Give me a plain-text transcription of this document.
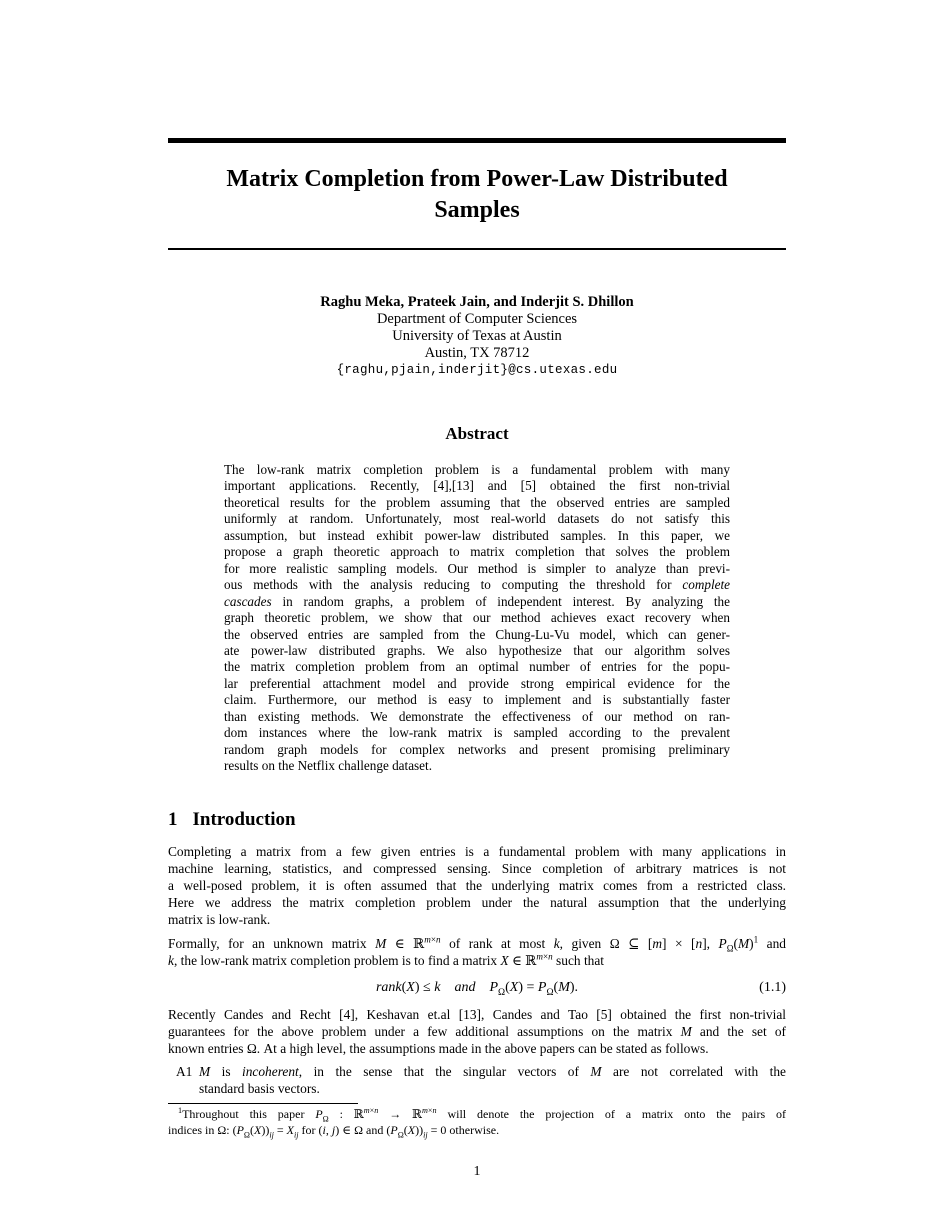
Matrix Completion from Power-Law Distributed
Samples
Raghu Meka, Prateek Jain, and Inderjit S. Dhillon
Department of Computer Sciences
University of Texas at Austin
Austin, TX 78712
{raghu,pjain,inderjit}@cs.utexas.edu
Abstract
The low-rank matrix completion problem is a fundamental problem with many
important applications. Recently, [4],[13] and [5] obtained the first non-trivial
theoretical results for the problem assuming that the observed entries are sampled
uniformly at random. Unfortunately, most real-world datasets do not satisfy this
assumption, but instead exhibit power-law distributed samples. In this paper, we
propose a graph theoretic approach to matrix completion that solves the problem
for more realistic sampling models. Our method is simpler to analyze than previ-
ous methods with the analysis reducing to computing the threshold for complete
cascades in random graphs, a problem of independent interest. By analyzing the
graph theoretic problem, we show that our method achieves exact recovery when
the observed entries are sampled from the Chung-Lu-Vu model, which can gener-
ate power-law distributed graphs. We also hypothesize that our algorithm solves
the matrix completion problem from an optimal number of entries for the popu-
lar preferential attachment model and provide strong empirical evidence for the
claim. Furthermore, our method is easy to implement and is substantially faster
than existing methods. We demonstrate the effectiveness of our method on ran-
dom instances where the low-rank matrix is sampled according to the prevalent
random graph models for complex networks and present promising preliminary
results on the Netflix challenge dataset.
1 Introduction
Completing a matrix from a few given entries is a fundamental problem with many applications in
machine learning, statistics, and compressed sensing. Since completion of arbitrary matrices is not
a well-posed problem, it is often assumed that the underlying matrix comes from a restricted class.
Here we address the matrix completion problem under the natural assumption that the underlying
matrix is low-rank.
Formally, for an unknown matrix M ∈ ℝ$^{m\times n}$ of rank at most k, given Ω ⊆ [m] × [n], $P_\Omega(M)^1$ and
k, the low-rank matrix completion problem is to find a matrix X ∈ ℝ$^{m\times n}$ such that
rank(X) ≤ k  and  $P_\Omega(X) = P_\Omega(M)$.	(1.1)
Recently Candes and Recht [4], Keshavan et.al [13], Candes and Tao [5] obtained the first non-trivial
guarantees for the above problem under a few additional assumptions on the matrix M and the set of
known entries Ω. At a high level, the assumptions made in the above papers can be stated as follows.
A1 M is incoherent, in the sense that the singular vectors of M are not correlated with the
standard basis vectors.
$^1$Throughout this paper $P_\Omega$ : ℝ$^{m\times n}$ → ℝ$^{m\times n}$ will denote the projection of a matrix onto the pairs of
indices in Ω: $(P_\Omega(X))_{ij} = X_{ij}$ for (i, j) ∈ Ω and $(P_\Omega(X))_{ij} = 0$ otherwise.
1
